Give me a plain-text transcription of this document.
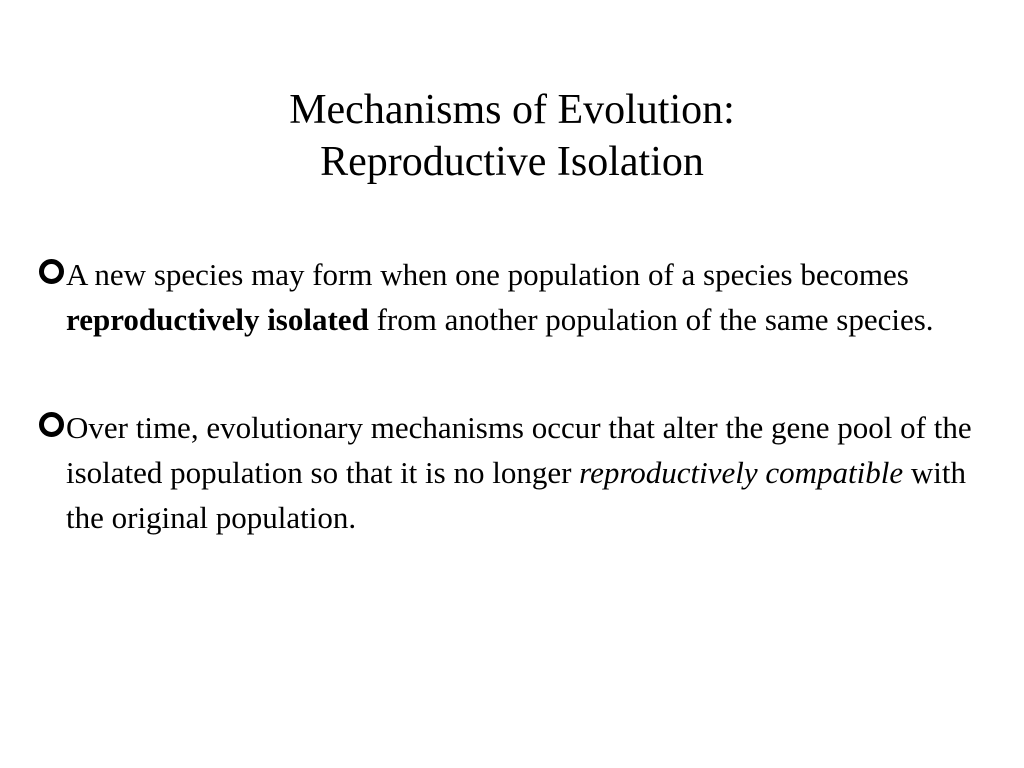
Mechanisms of Evolution:
Reproductive Isolation
A new species may form when one population of a species becomes reproductively isolated from another population of the same species.
Over time, evolutionary mechanisms occur that alter the gene pool of the isolated population so that it is no longer reproductively compatible with the original population.
